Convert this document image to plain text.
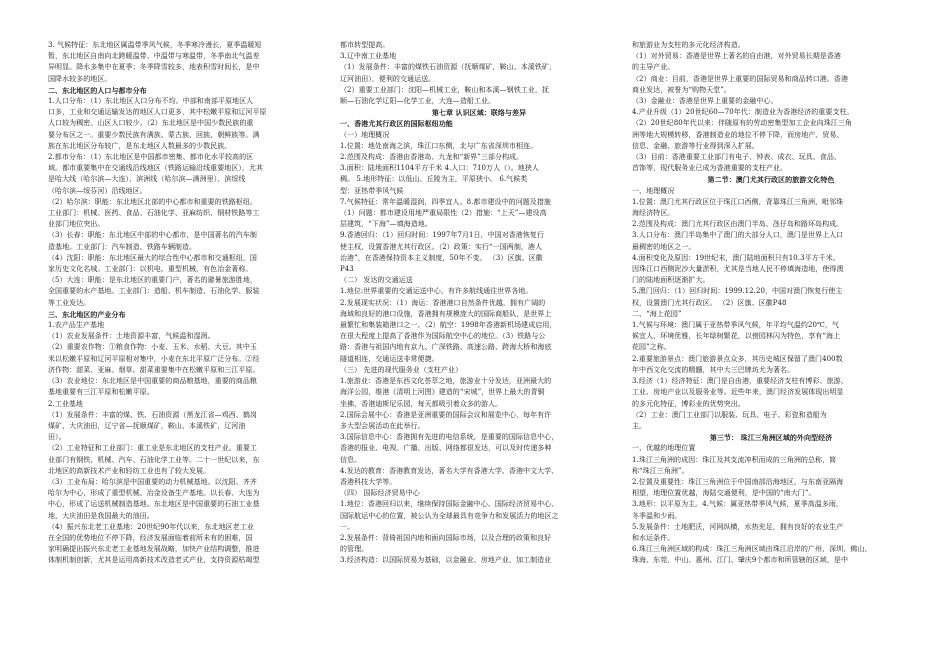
3. 气候特征：东北地区属温带季风气候，冬季寒冷漫长，夏季温暖短
暂，东北地区自南向北跨暖温带、中温带与寒温带，冬季南北气温差
异明显。降水多集中在夏季；冬季降雪较多，地表积雪时间长，是中
国降水较多的地区。
二、东北地区的人口与都市分布
1.人口分布：（1）东北地区人口分布不均。中部和南部平原地区人
口多，工业和交通运输发达的地区人口更多，其中松嫩平原和辽河平原
人口较为稠密。山区人口较少。（2）东北地区是中国少数民族的重
要分布区之一。重要少数民族有满族、蒙古族、回族、朝鲜族等。满
族在东北地区分布较广，是东北地区人数最多的少数民族。
2.都市分布：（1）东北地区是中国都市密集、都市化水平较高的区
域。都市重要集中在交通线沿线地区（铁路运输沿线重要地区），尤其
是哈大线（哈尔滨—大连）、滨洲线（哈尔滨—满洲里）、滨绥线
（哈尔滨—绥芬河）沿线地区。
（2）哈尔滨：职能：东北地区北部的中心都市和重要的铁路枢纽。
工业部门：机械、医药、食品、石油化学、亚麻纺织、钢材铁路等工
业部门地位突出。
（3）长春：职能：东北地区中部的中心都市，是中国著名的汽车制
造基地。工业部门：汽车制造、铁路车辆制造。
（4）沈阳：职能：东北地区最大的综合性中心都市和交通枢纽，国
家历史文化名城。工业部门：以机电、重型机械，有色冶金著称。
（5）大连：职能：是东北地区的重要门户，著名的避暑旅游胜地，
全国重要的水产基地。工业部门：造船、机车制造、石油化学、服装
等工业发达。
三、东北地区的产业分布
1.农产品生产基地
（1）农业发展条件：土地资源丰富，气候温和湿润。
（2）重要农作物：①粮食作物：小麦、玉米、水稻、大豆。其中玉
米以松嫩平原和辽河平原相对集中，小麦在东北平原广泛分布。②经
济作物：甜菜、亚麻、烟草。甜菜重要集中在松嫩平原和三江平原。
（3）农业地位：东北地区是中国重要的商品粮基地，重要的商品粮
基地重要有三江平原和松嫩平原。
2.工业基地
（1）发展条件：丰富的煤、铁、石油资源（黑龙江省—鸡西、鹤岗
煤矿，大庆油田，辽宁省—抚顺煤矿，鞍山、本溪铁矿，辽河油
田）。
（2）工业特征和工业部门：重工业是东北地区的支柱产业。重要工
业部门有钢铁、机械、汽车、石油化学工业等。二十一世纪以来，东
北地区的高新技术产业和轻纺工业也有了较大发展。
（3）工业布局：哈尔滨是中国重要的动力机械基地。以沈阳、齐齐
哈尔为中心，形成了重型机械、冶金设备生产基地。以长春、大连为
中心，形成了运送机械制造基地。东北地区是中国重要的石油工业基
地，大庆油田是我国最大的油田。
（4）振兴东北老工业基地：20世纪90年代以来，东北地区老工业
在全国的优势地位不停下降，经济发展面临着前所未有的困难，国
家明确提出振兴东北老工业基地发展战略，加快产业结构调整，推进
体制机制创新，尤其是运用高新技术改造老式产业，支持资源枯竭型
都市转型提高。
3.辽中南工业基地
（1）发展条件：丰富的煤铁石油资源（抚顺煤矿，鞍山、本溪铁矿，
辽河油田），便利的交通运送。
（2）重要工业部门：沈阳—机械工业，鞍山和本溪—钢铁工业，抚
顺—石油化学辽阳—化学工业，大连—造船工业。
第七章 认识区域：联络与差异
一、香港尤其行政区的国际枢纽功能
（一）地理概况
1.位置：地处南海之滨，珠江口东侧，北与广东省深圳市相连。
2.范围及构成：香港由香港岛、九龙和“新界”三部分构成。
3.面积：陆地面积1104平方千米 4.人口：710万人（）。地狭人
稠。 5.地形特征：以低山、丘陵为主，平原狭小。 6.气候类
型：亚热带季风气候
7.气候特征：常年温暖湿润，四季宜人。8.都市建设中的问题及措施
（1）问题：都市建设用地严重局限性（2）措施：“上天”—建设高
层建筑，“下海”—填海造地。
9.香港回归：（1）回归时间：1997年7月1日，中国对香港恢复行
使主权，设置香港尤其行政区。（2）政策：实行“一国两制，港人
治港”，在香港保持资本主义制度，50年不变。 （3）区旗、区徽
P43
（二） 发达的交通运送
1.地位:世界重要的交通运送中心，有许多航线通往世界各地。
2.发展现实状况：（1）海运：香港港口自然条件优越，拥有广阔的
海域和良好的港口设施，香港拥有规模庞大的国际商船队，是世界上
最繁忙和集装箱港口之一。（2）航空：1998年香港新机场建成启用，
在很大程度上提高了香港作为国际航空中心的地位。（3）铁路与公
路：香港与祖国内地有京九、广深铁路、高速公路、跨海大桥和海底
隧道相连，交通运送非常便捷。
（三） 先进的现代服务业（支柱产业）
1.旅游业：香港是东西文化荟萃之地，旅游业十分发达，亚洲最大的
海洋公园，维港《清明上河图》建造的“宋城”，世界上最大的青铜
坐佛，香港迪斯尼乐园，每天都吸引着众多的游人。
2.国际会展中心：香港是亚洲重要的国际会议和展览中心，每年有许
多大型会展活动在此举行。
3.国际信息中心：香港拥有先进的电信系统，是重要的国际信息中心，
香港的报业、电视、广播、出版、网络都很发达，可以及时传递多种
信息。
4.发达的教育：香港教育发达，著名大学有香港大学、香港中文大学、
香港科技大学等。
（四） 国际经济贸易中心
1.地位：香港回归以来，继续保持国际金融中心、国际经济贸易中心、
国际航运中心的位置，被公认为全球最具有竞争力和发展活力的地区之
一。
2.发展条件：背倚祖国内地和面向国际市场，以及合理的政策和良好
的管理。
3.经济构造：以国际贸易为基础，以金融业、房地产业、加工制造业
和旅游业为支柱的多元化经济构造。
（1）对外贸易：香港是世界上著名的自由港，对外贸易长期是香港
的主导产业。
（2）商业：目前，香港是世界上重要的国际贸易和商品转口港。香港
商业发达，被誉为“购物天堂”。
（3）金融业：香港是世界上重要的金融中心。
4.产业升级（1）20世纪60—70年代：制造业为香港经济的重要支柱。
（2）20世纪80年代以来：伴随原有的劳动密集型加工企业向珠江三角
洲等地大规模转移，香港制造业的地位不停下降，而房地产、贸易、
信息、金融、旅游等行业得到深入扩展。
（3）目前：香港重要工业部门有电子、钟表、成衣、玩具、食品、
首饰等，现代服务业已成为香港重要的支柱产业。
第二节：澳门尤其行政区的旅游文化特色
一、地理概况
1.位置：澳门尤其行政区位于珠江口西侧，背靠珠江三角洲，毗邻珠
海经济特区。
2.范围及构成：澳门尤其行政区由澳门半岛、氹仔岛和路环岛构成。
3.人口分布：澳门半岛集中了澳门的大部分人口，澳门是世界上人口
最稠密的地区之一。
4.面积变化及原因：19世纪末，澳门陆地面积只有10.3平方千米。
因珠江口西侧泥沙大量淤积，尤其是当地人民不停填海造地，使得澳
门的陆地面积逐渐扩大。
5.澳门回归：（1）回归时间：1999.12.20，中国对澳门恢复行使主
权，设置澳门尤其行政区。 （2）区旗、区徽P48
二、“海上花园”
1.气候与环境：澳门属于亚热带季风气候，年平均气温约20℃，气
候宜人，环境优雅，长年绿树繁花，以傍园林闪为特色，享有“海上
花园”之称。
2.重要旅游景点：澳门旅游景点众多，其历史城区保留了澳门400数
年中西文化交流的精髓，其中大三巴牌坊尤为著名。
3.经济（1）经济特征：澳门是自由港，重要经济支柱有博彩、旅游、
工业、房地产业以及服务业等。近些年来，澳门经济发展体现出明显
的多元化特征，博彩业的优势突出。
（2）工业：澳门工业部门以服装、玩具、电子、彩瓷和造船为
主。
第三节： 珠江三角洲区域的外向型经济
一、优越的地理位置
1.珠江三角洲的成因：珠江及其支流冲积而成的三角洲的总称，简
称“珠江三角洲”。
2.位置及重要性：珠江三角洲位于中国南部沿海地区，与东南亚隔海
相望，地理位置优越，海陆交通便利，是中国的“南大门”。
3.地形：以平原为主。4.气候：属亚热带季风气候，夏季高温多雨，
冬季温和少雨。
5.发展条件：土地肥沃，河网纵横，水热充足，拥有良好的农业生产
和水运条件。
6.珠江三角洲区域的构成：珠江三角洲区域由珠江沿岸的广州、深圳、佛山、
珠海、东莞、中山、惠州、江门、肇庆9个都市和所管辖的区域，是中
